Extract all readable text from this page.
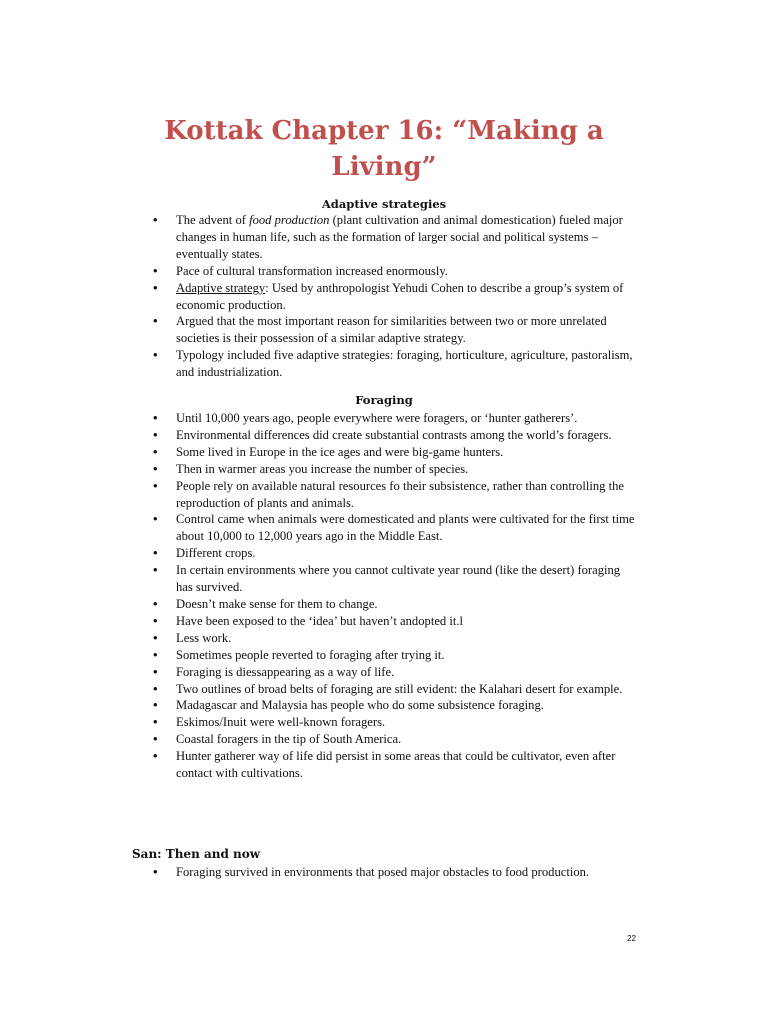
Kottak Chapter 16: “Making a Living”
Adaptive strategies
• The advent of food production (plant cultivation and animal domestication) fueled major changes in human life, such as the formation of larger social and political systems – eventually states.
• Pace of cultural transformation increased enormously.
• Adaptive strategy: Used by anthropologist Yehudi Cohen to describe a group’s system of economic production.
• Argued that the most important reason for similarities between two or more unrelated societies is their possession of a similar adaptive strategy.
• Typology included five adaptive strategies: foraging, horticulture, agriculture, pastoralism, and industrialization.
Foraging
• Until 10,000 years ago, people everywhere were foragers, or ‘hunter gatherers’.
• Environmental differences did create substantial contrasts among the world’s foragers.
• Some lived in Europe in the ice ages and were big-game hunters.
• Then in warmer areas you increase the number of species.
• People rely on available natural resources fo their subsistence, rather than controlling the reproduction of plants and animals.
• Control came when animals were domesticated and plants were cultivated for the first time about 10,000 to 12,000 years ago in the Middle East.
• Different crops.
• In certain environments where you cannot cultivate year round (like the desert) foraging has survived.
• Doesn’t make sense for them to change.
• Have been exposed to the ‘idea’ but haven’t andopted it.l
• Less work.
• Sometimes people reverted to foraging after trying it.
• Foraging is diessappearing as a way of life.
• Two outlines of broad belts of foraging are still evident: the Kalahari desert for example.
• Madagascar and Malaysia has people who do some subsistence foraging.
• Eskimos/Inuit were well-known foragers.
• Coastal foragers in the tip of South America.
• Hunter gatherer way of life did persist in some areas that could be cultivator, even after contact with cultivations.
San: Then and now
• Foraging survived in environments that posed major obstacles to food production.

22
